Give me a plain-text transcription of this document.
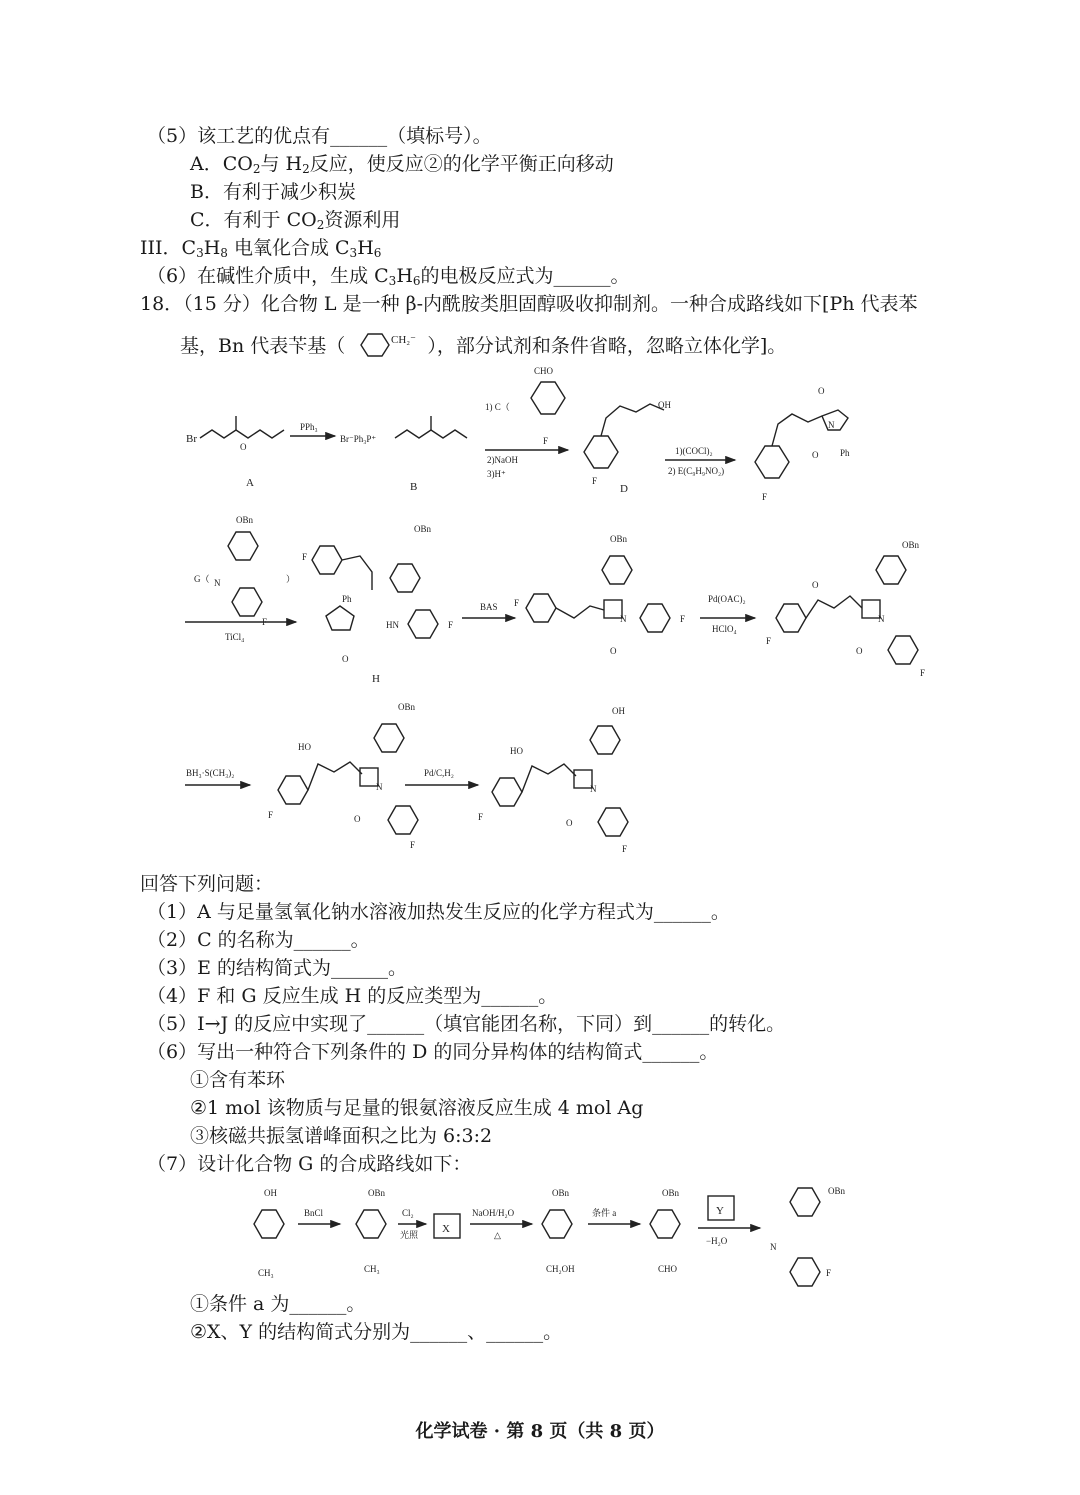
（5）该工艺的优点有______（填标号）。
A．$CO_2$与 $H_2$反应，使反应②的化学平衡正向移动
B．有利于减少积炭
C．有利于 $CO_2$资源利用
III．$C_3H_8$ 电氧化合成 $C_3H_6$
（6）在碱性介质中，生成 $C_3H_6$的电极反应式为______。
18．（15 分）化合物 L 是一种 β-内酰胺类胆固醇吸收抑制剂。一种合成路线如下[Ph 代表苯
基，Bn 代表苄基（	CH₂⁻ ），部分试剂和条件省略，忽略立体化学]。
Br
O
A
PPh₃
Br⁻Ph₃P⁺
B
1) C（
CHO
F
2)NaOH
3)H⁺
OH
F
D
1)(COCl)₂
2) E(C₉H₉NO₂)
O
N
Ph
O
F
G（
OBn
N
F
）
TiCl₄
F
OBn
Ph
O
HN	F
H
BAS F
N
O
OBn
F
Pd(OAC)₂
HClO₄
F
O
N
O
OBn
F
BH₃·S(CH₃)₂
HO
F
N
O
OBn
F
Pd/C,H₂
HO
F
N
O
OH
F
回答下列问题：
（1）A 与足量氢氧化钠水溶液加热发生反应的化学方程式为______。
（2）C 的名称为______。
（3）E 的结构简式为______。
（4）F 和 G 反应生成 H 的反应类型为______。
（5）I→J 的反应中实现了______（填官能团名称，下同）到______的转化。
（6）写出一种符合下列条件的 D 的同分异构体的结构简式______。
①含有苯环
②1 mol 该物质与足量的银氨溶液反应生成 4 mol Ag
③核磁共振氢谱峰面积之比为 6:3:2
（7）设计化合物 G 的合成路线如下：
OH
CH₃
BnCl
OBn
CH₃
Cl₂
光照 X
NaOH/H₂O
△
OBn
CH₂OH
条件 a
OBn
CHO
Y
−H₂O
OBn
N
F
①条件 a 为______。
②X、Y 的结构简式分别为______、______。
化学试卷 · 第 8 页（共 8 页）
